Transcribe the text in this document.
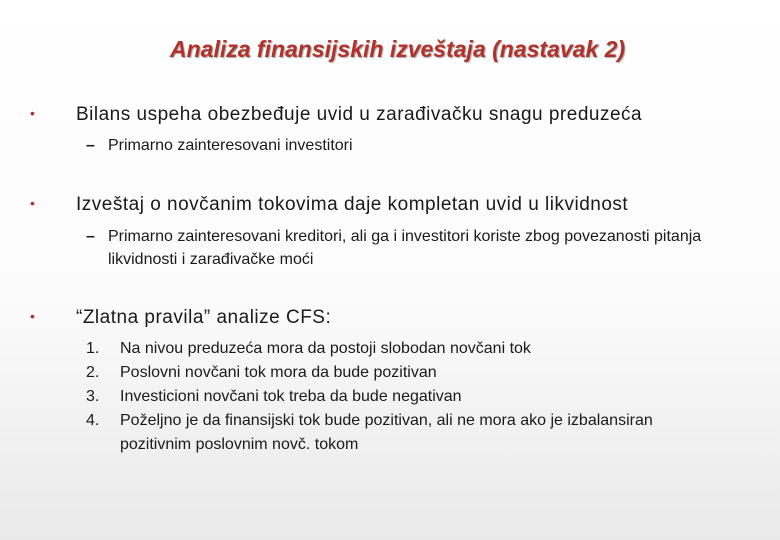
Analiza finansijskih izveštaja (nastavak 2)
• Bilans uspeha obezbeđuje uvid u zarađivačku snagu preduzeća
– Primarno zainteresovani investitori
• Izveštaj o novčanim tokovima daje kompletan uvid u likvidnost
– Primarno zainteresovani kreditori, ali ga i investitori koriste zbog povezanosti pitanja likvidnosti i zarađivačke moći
• “Zlatna pravila” analize CFS:
1.	Na nivou preduzeća mora da postoji slobodan novčani tok
2.	Poslovni novčani tok mora da bude pozitivan
3.	Investicioni novčani tok treba da bude negativan
4.	Poželjno je da finansijski tok bude pozitivan, ali ne mora ako je izbalansiran pozitivnim poslovnim novč. tokom
